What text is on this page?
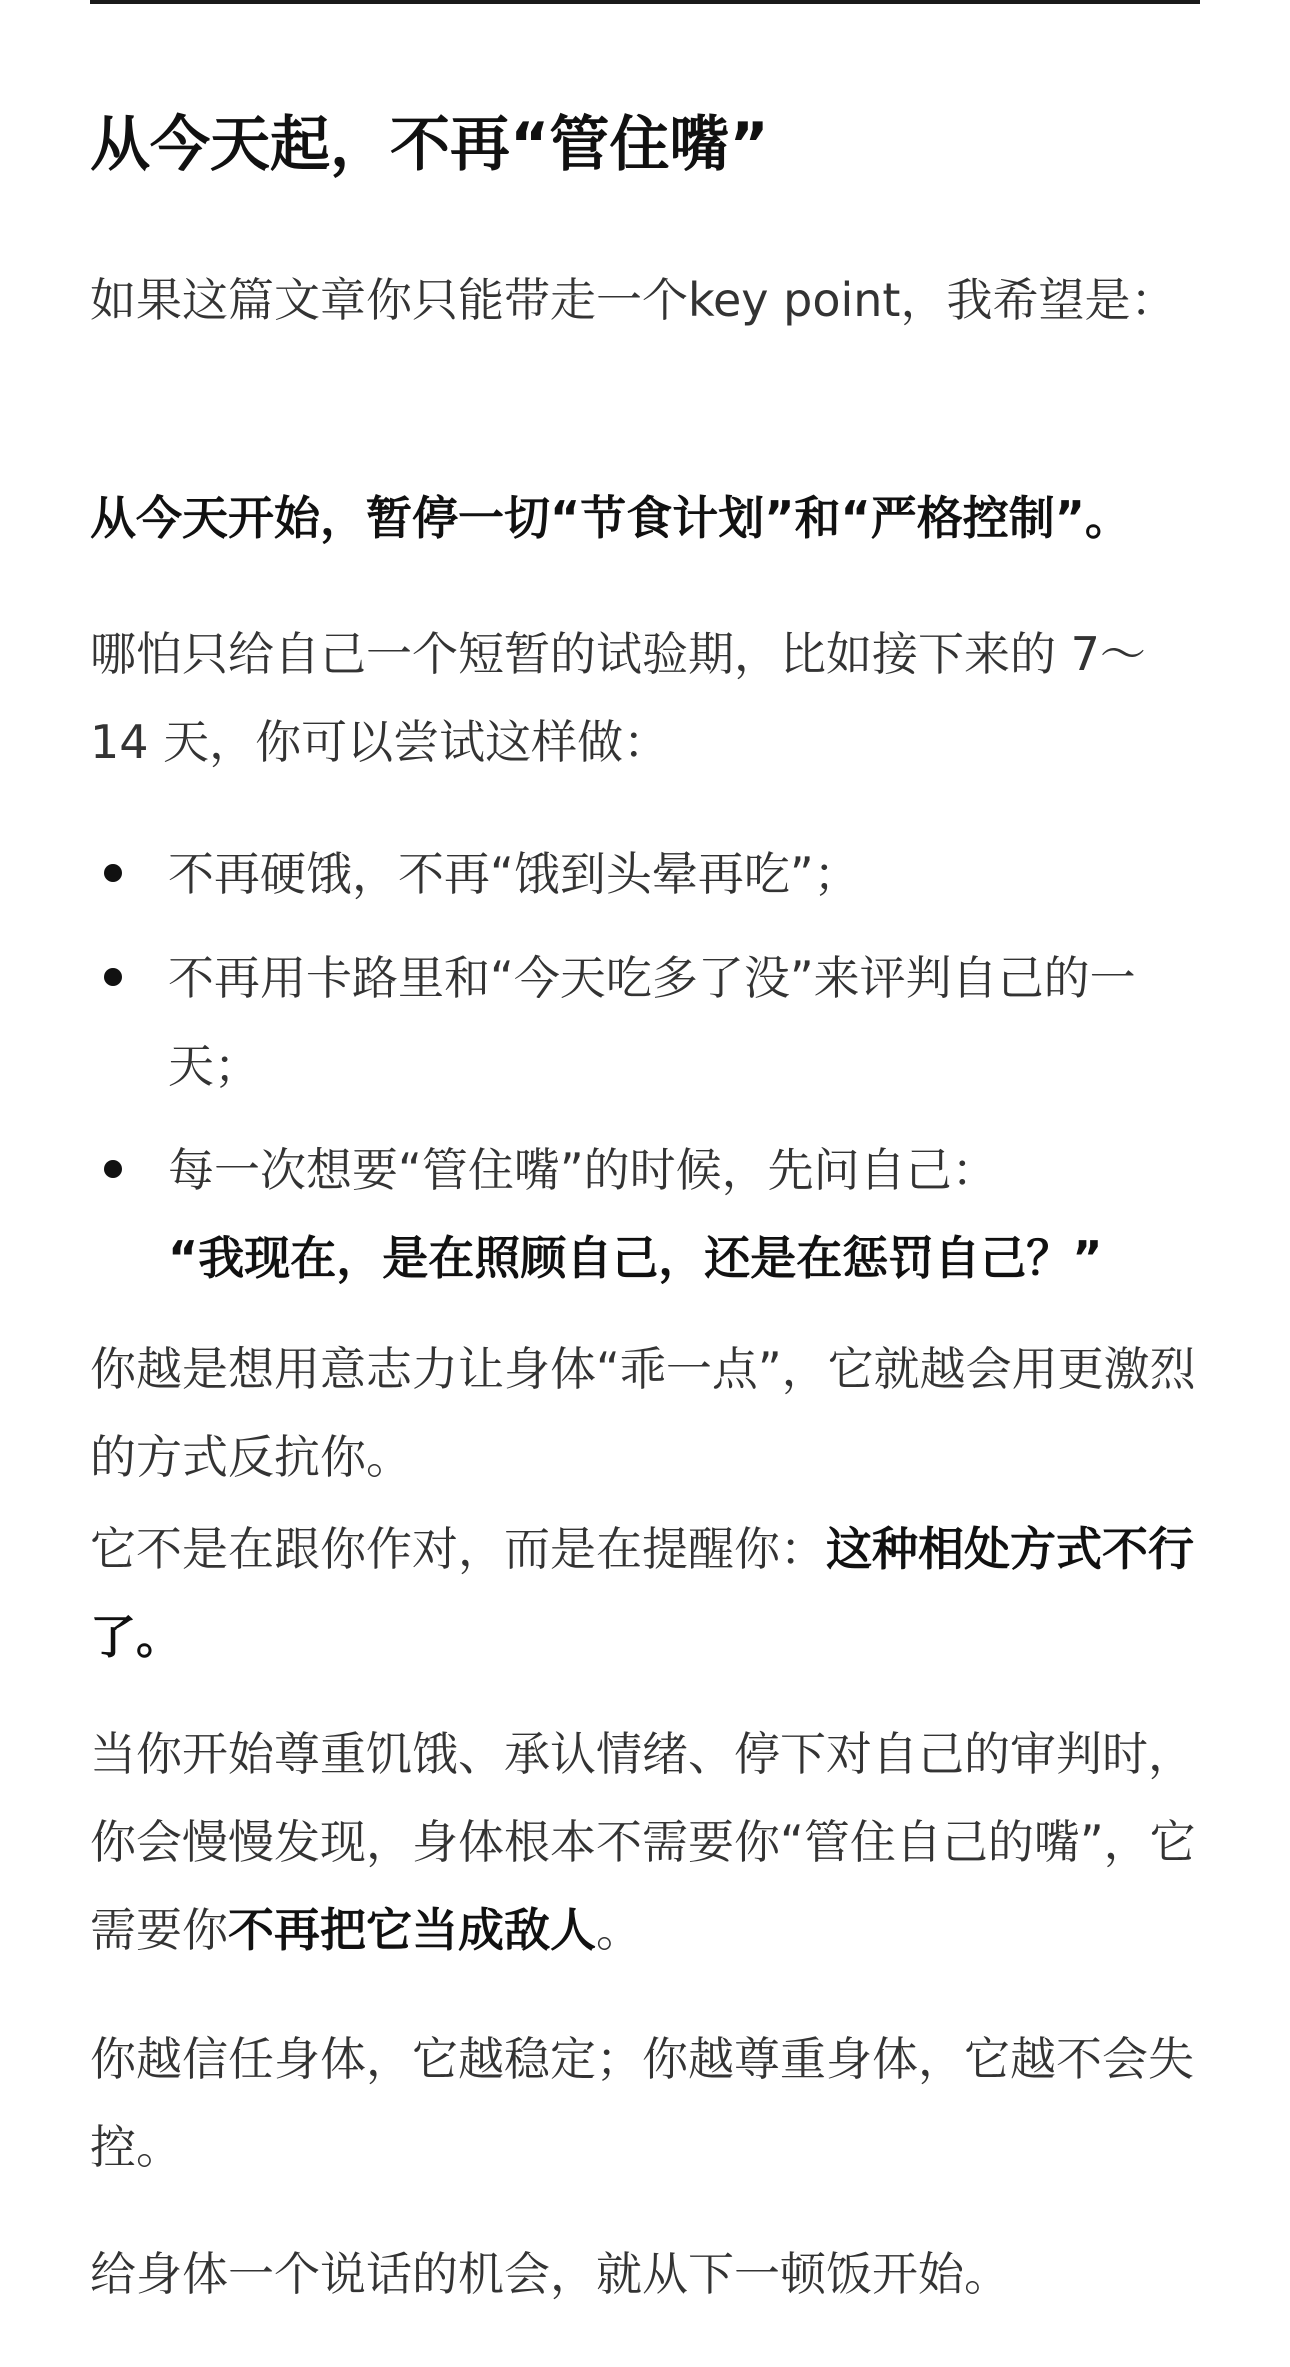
从今天起，不再“管住嘴”

如果这篇文章你只能带走一个key point，我希望是：

从今天开始，暂停一切“节食计划”和“严格控制”。

哪怕只给自己一个短暂的试验期，比如接下来的 7～14 天，你可以尝试这样做：

不再硬饿，不再“饿到头晕再吃”；
不再用卡路里和“今天吃多了没”来评判自己的一天；
每一次想要“管住嘴”的时候，先问自己：
“我现在，是在照顾自己，还是在惩罚自己？”

你越是想用意志力让身体“乖一点”，它就越会用更激烈的方式反抗你。

它不是在跟你作对，而是在提醒你：这种相处方式不行了。

当你开始尊重饥饿、承认情绪、停下对自己的审判时，你会慢慢发现，身体根本不需要你“管住自己的嘴”，它需要你不再把它当成敌人。

你越信任身体，它越稳定；你越尊重身体，它越不会失控。

给身体一个说话的机会，就从下一顿饭开始。
